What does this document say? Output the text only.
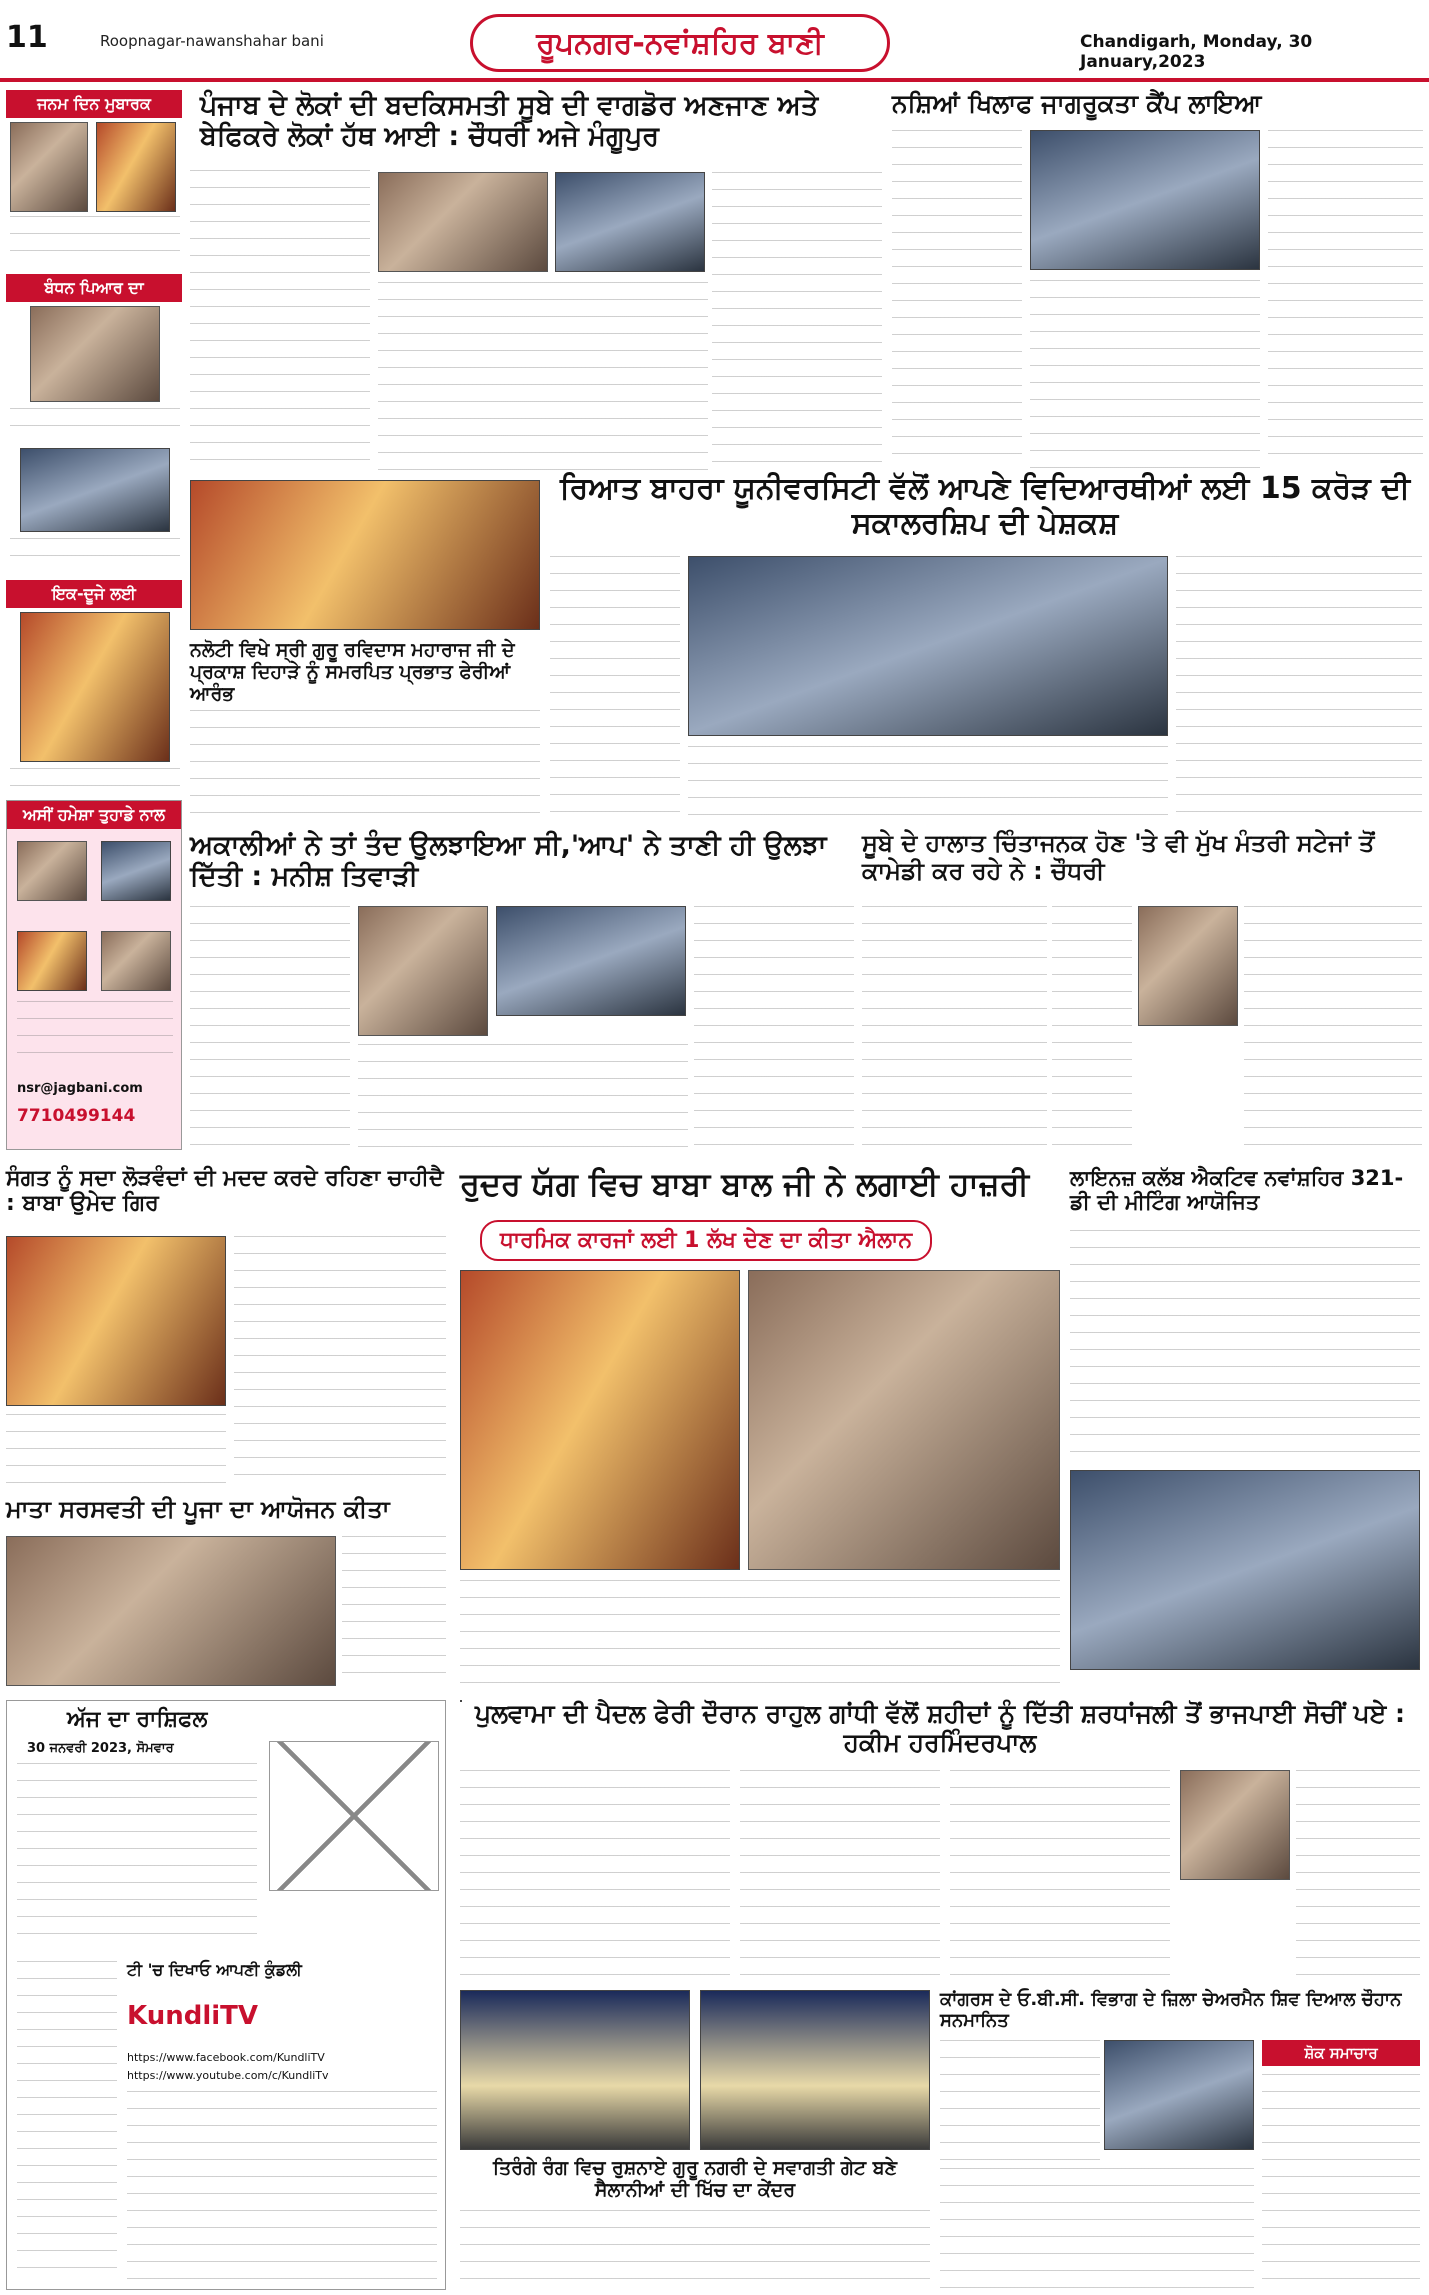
11	Roopnagar-nawanshahar bani	ਰੂਪਨਗਰ-ਨਵਾਂਸ਼ਹਿਰ ਬਾਣੀ	Chandigarh, Monday, 30 January,2023
ਜਨਮ ਦਿਨ ਮੁਬਾਰਕ
ਬੰਧਨ ਪਿਆਰ ਦਾ
ਇਕ-ਦੂਜੇ ਲਈ
ਅਸੀਂ ਹਮੇਸ਼ਾ ਤੁਹਾਡੇ ਨਾਲ
nsr@jagbani.com
7710499144
ਪੰਜਾਬ ਦੇ ਲੋਕਾਂ ਦੀ ਬਦਕਿਸਮਤੀ ਸੂਬੇ ਦੀ ਵਾਗਡੋਰ ਅਣਜਾਣ ਅਤੇ ਬੇਫਿਕਰੇ ਲੋਕਾਂ ਹੱਥ ਆਈ : ਚੌਧਰੀ ਅਜੇ ਮੰਗੂਪੁਰ
ਨਸ਼ਿਆਂ ਖਿਲਾਫ ਜਾਗਰੂਕਤਾ ਕੈਂਪ ਲਾਇਆ
ਨਲੋਟੀ ਵਿਖੇ ਸ੍ਰੀ ਗੁਰੂ ਰਵਿਦਾਸ ਮਹਾਰਾਜ ਜੀ ਦੇ ਪ੍ਰਕਾਸ਼ ਦਿਹਾੜੇ ਨੂੰ ਸਮਰਪਿਤ ਪ੍ਰਭਾਤ ਫੇਰੀਆਂ ਆਰੰਭ
ਰਿਆਤ ਬਾਹਰਾ ਯੂਨੀਵਰਸਿਟੀ ਵੱਲੋਂ ਆਪਣੇ ਵਿਦਿਆਰਥੀਆਂ ਲਈ 15 ਕਰੋੜ ਦੀ ਸਕਾਲਰਸ਼ਿਪ ਦੀ ਪੇਸ਼ਕਸ਼
ਅਕਾਲੀਆਂ ਨੇ ਤਾਂ ਤੰਦ ਉਲਝਾਇਆ ਸੀ,'ਆਪ' ਨੇ ਤਾਣੀ ਹੀ ਉਲਝਾ ਦਿੱਤੀ : ਮਨੀਸ਼ ਤਿਵਾੜੀ
ਸੂਬੇ ਦੇ ਹਾਲਾਤ ਚਿੰਤਾਜਨਕ ਹੋਣ 'ਤੇ ਵੀ ਮੁੱਖ ਮੰਤਰੀ ਸਟੇਜਾਂ ਤੋਂ ਕਾਮੇਡੀ ਕਰ ਰਹੇ ਨੇ : ਚੌਧਰੀ
ਸੰਗਤ ਨੂੰ ਸਦਾ ਲੋੜਵੰਦਾਂ ਦੀ ਮਦਦ ਕਰਦੇ ਰਹਿਣਾ ਚਾਹੀਦੈ : ਬਾਬਾ ਉਮੇਦ ਗਿਰ
ਰੁਦਰ ਯੱਗ ਵਿਚ ਬਾਬਾ ਬਾਲ ਜੀ ਨੇ ਲਗਾਈ ਹਾਜ਼ਰੀ
ਧਾਰਮਿਕ ਕਾਰਜਾਂ ਲਈ 1 ਲੱਖ ਦੇਣ ਦਾ ਕੀਤਾ ਐਲਾਨ
ਲਾਇਨਜ਼ ਕਲੱਬ ਐਕਟਿਵ ਨਵਾਂਸ਼ਹਿਰ 321-ਡੀ ਦੀ ਮੀਟਿੰਗ ਆਯੋਜਿਤ
ਮਾਤਾ ਸਰਸਵਤੀ ਦੀ ਪੂਜਾ ਦਾ ਆਯੋਜਨ ਕੀਤਾ
ਅੱਜ ਦਾ ਰਾਸ਼ਿਫਲ
30 ਜਨਵਰੀ 2023, ਸੋਮਵਾਰ
ਟੀ 'ਚ ਦਿਖਾਓ ਆਪਣੀ ਕੁੰਡਲੀ
KundliTV
https://www.facebook.com/KundliTV
https://www.youtube.com/c/KundliTv
ਪੁਲਵਾਮਾ ਦੀ ਪੈਦਲ ਫੇਰੀ ਦੌਰਾਨ ਰਾਹੁਲ ਗਾਂਧੀ ਵੱਲੋਂ ਸ਼ਹੀਦਾਂ ਨੂੰ ਦਿੱਤੀ ਸ਼ਰਧਾਂਜਲੀ ਤੋਂ ਭਾਜਪਾਈ ਸੋਚੀਂ ਪਏ : ਹਕੀਮ ਹਰਮਿੰਦਰਪਾਲ
ਤਿਰੰਗੇ ਰੰਗ ਵਿਚ ਰੁਸ਼ਨਾਏ ਗੁਰੂ ਨਗਰੀ ਦੇ ਸਵਾਗਤੀ ਗੇਟ ਬਣੇ ਸੈਲਾਨੀਆਂ ਦੀ ਖਿੱਚ ਦਾ ਕੇਂਦਰ
ਕਾਂਗਰਸ ਦੇ ਓ.ਬੀ.ਸੀ. ਵਿਭਾਗ ਦੇ ਜ਼ਿਲਾ ਚੇਅਰਮੈਨ ਸ਼ਿਵ ਦਿਆਲ ਚੌਹਾਨ ਸਨਮਾਨਿਤ
ਸ਼ੋਕ ਸਮਾਚਾਰ
